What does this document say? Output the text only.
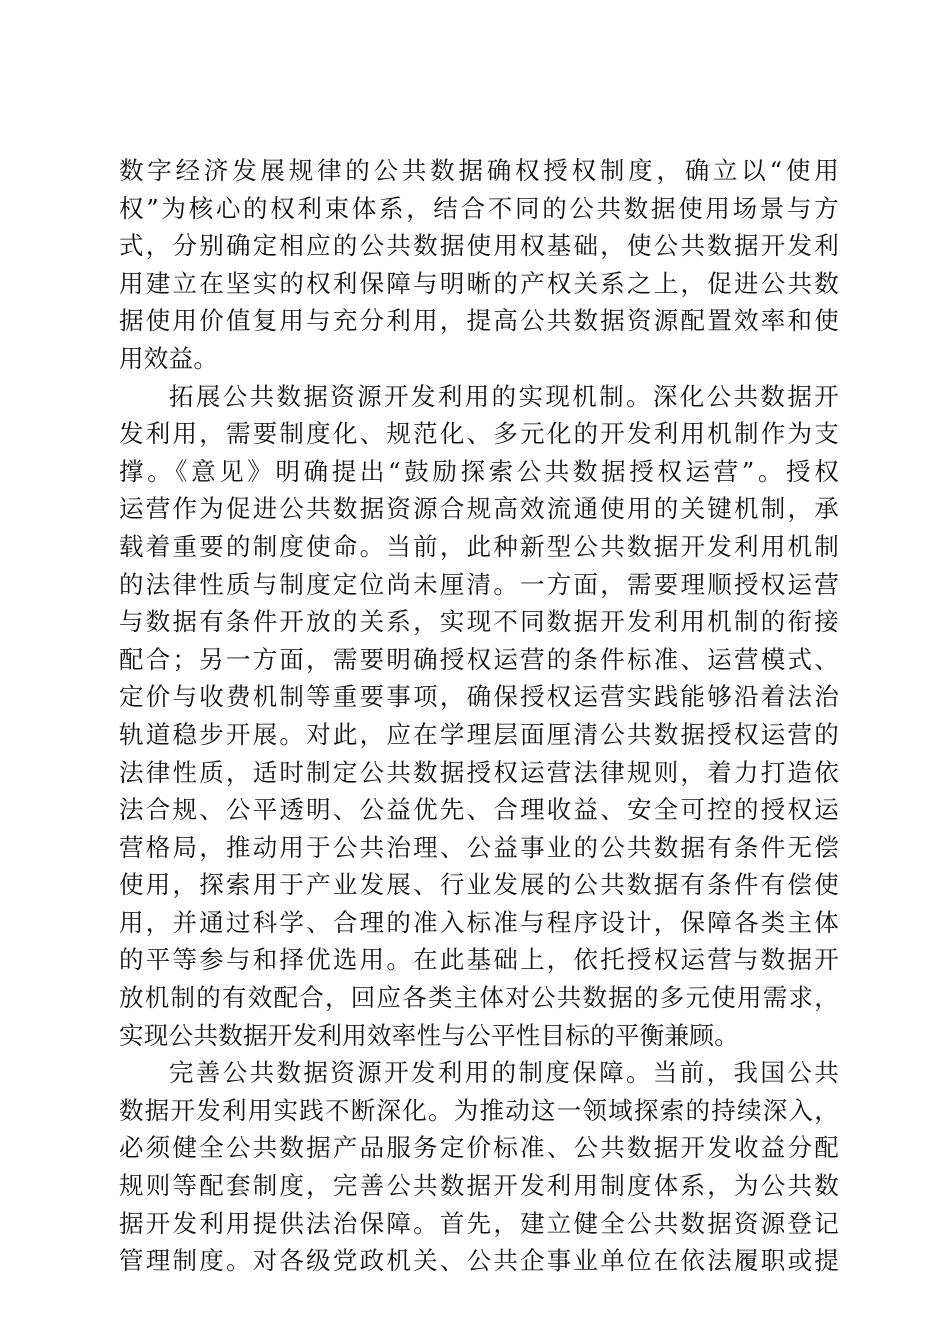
数字经济发展规律的公共数据确权授权制度，确立以“使用
权”为核心的权利束体系，结合不同的公共数据使用场景与方
式，分别确定相应的公共数据使用权基础，使公共数据开发利
用建立在坚实的权利保障与明晰的产权关系之上，促进公共数
据使用价值复用与充分利用，提高公共数据资源配置效率和使
用效益。
拓展公共数据资源开发利用的实现机制。深化公共数据开
发利用，需要制度化、规范化、多元化的开发利用机制作为支
撑。《意见》明确提出“鼓励探索公共数据授权运营”。授权
运营作为促进公共数据资源合规高效流通使用的关键机制，承
载着重要的制度使命。当前，此种新型公共数据开发利用机制
的法律性质与制度定位尚未厘清。一方面，需要理顺授权运营
与数据有条件开放的关系，实现不同数据开发利用机制的衔接
配合；另一方面，需要明确授权运营的条件标准、运营模式、
定价与收费机制等重要事项，确保授权运营实践能够沿着法治
轨道稳步开展。对此，应在学理层面厘清公共数据授权运营的
法律性质，适时制定公共数据授权运营法律规则，着力打造依
法合规、公平透明、公益优先、合理收益、安全可控的授权运
营格局，推动用于公共治理、公益事业的公共数据有条件无偿
使用，探索用于产业发展、行业发展的公共数据有条件有偿使
用，并通过科学、合理的准入标准与程序设计，保障各类主体
的平等参与和择优选用。在此基础上，依托授权运营与数据开
放机制的有效配合，回应各类主体对公共数据的多元使用需求，
实现公共数据开发利用效率性与公平性目标的平衡兼顾。
完善公共数据资源开发利用的制度保障。当前，我国公共
数据开发利用实践不断深化。为推动这一领域探索的持续深入，
必须健全公共数据产品服务定价标准、公共数据开发收益分配
规则等配套制度，完善公共数据开发利用制度体系，为公共数
据开发利用提供法治保障。首先，建立健全公共数据资源登记
管理制度。对各级党政机关、公共企事业单位在依法履职或提
